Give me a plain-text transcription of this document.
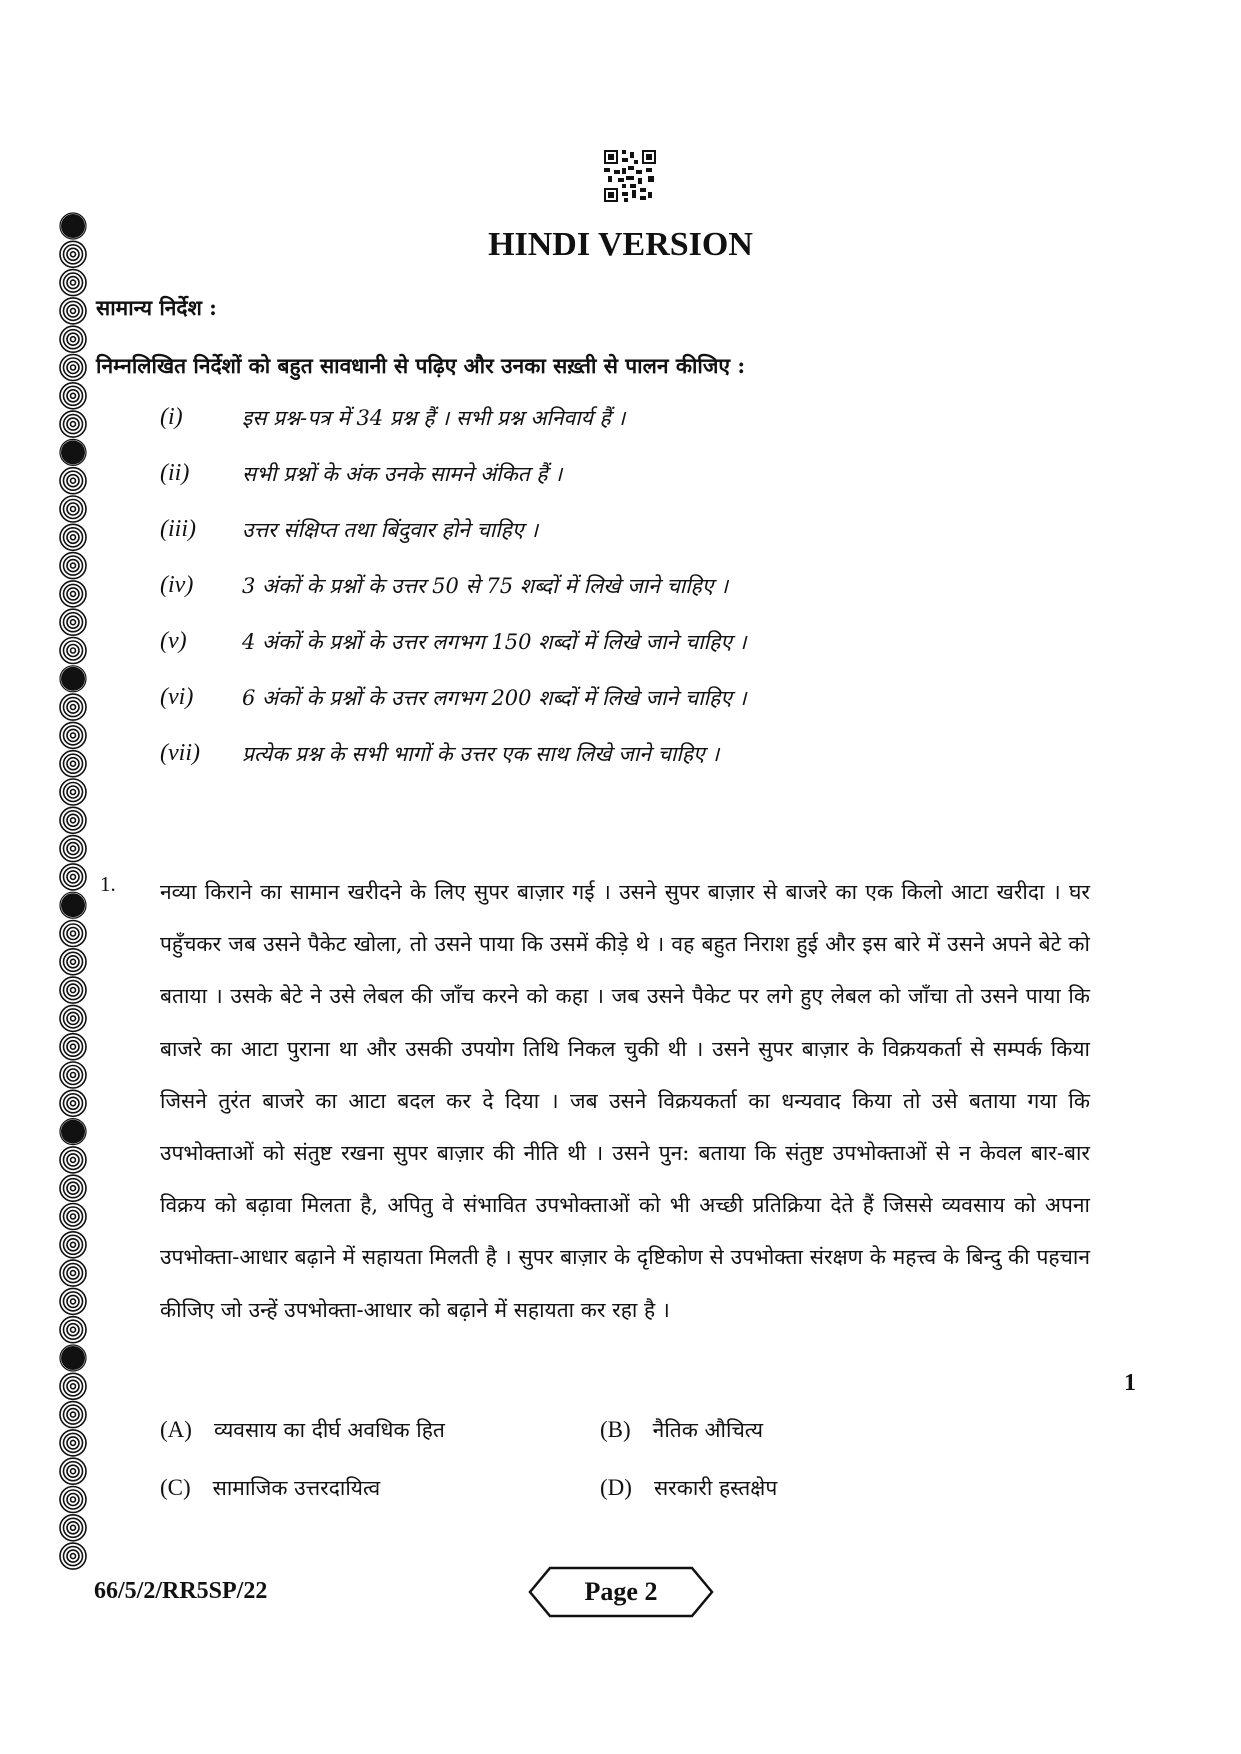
HINDI VERSION
सामान्य निर्देश :
निम्नलिखित निर्देशों को बहुत सावधानी से पढ़िए और उनका सख़्ती से पालन कीजिए :
(i)	इस प्रश्न-पत्र में 34 प्रश्न हैं । सभी प्रश्न अनिवार्य हैं ।
(ii)	सभी प्रश्नों के अंक उनके सामने अंकित हैं ।
(iii) उत्तर संक्षिप्त तथा बिंदुवार होने चाहिए ।
(iv) 3 अंकों के प्रश्नों के उत्तर 50 से 75 शब्दों में लिखे जाने चाहिए ।
(v)	4 अंकों के प्रश्नों के उत्तर लगभग 150 शब्दों में लिखे जाने चाहिए ।
(vi) 6 अंकों के प्रश्नों के उत्तर लगभग 200 शब्दों में लिखे जाने चाहिए ।
(vii) प्रत्येक प्रश्न के सभी भागों के उत्तर एक साथ लिखे जाने चाहिए ।
1. नव्या किराने का सामान खरीदने के लिए सुपर बाज़ार गई । उसने सुपर बाज़ार से बाजरे का एक किलो आटा खरीदा । घर पहुँचकर जब उसने पैकेट खोला, तो उसने पाया कि उसमें कीड़े थे । वह बहुत निराश हुई और इस बारे में उसने अपने बेटे को बताया । उसके बेटे ने उसे लेबल की जाँच करने को कहा । जब उसने पैकेट पर लगे हुए लेबल को जाँचा तो उसने पाया कि बाजरे का आटा पुराना था और उसकी उपयोग तिथि निकल चुकी थी । उसने सुपर बाज़ार के विक्रयकर्ता से सम्पर्क किया जिसने तुरंत बाजरे का आटा बदल कर दे दिया । जब उसने विक्रयकर्ता का धन्यवाद किया तो उसे बताया गया कि उपभोक्ताओं को संतुष्ट रखना सुपर बाज़ार की नीति थी । उसने पुन: बताया कि संतुष्ट उपभोक्ताओं से न केवल बार-बार विक्रय को बढ़ावा मिलता है, अपितु वे संभावित उपभोक्ताओं को भी अच्छी प्रतिक्रिया देते हैं जिससे व्यवसाय को अपना उपभोक्ता-आधार बढ़ाने में सहायता मिलती है । सुपर बाज़ार के दृष्टिकोण से उपभोक्ता संरक्षण के महत्त्व के बिन्दु की पहचान कीजिए जो उन्हें उपभोक्ता-आधार को बढ़ाने में सहायता कर रहा है ।

1
(A) व्यवसाय का दीर्घ अवधिक हित	(B) नैतिक औचित्य
(C) सामाजिक उत्तरदायित्व	(D) सरकारी हस्तक्षेप
66/5/2/RR5SP/22	Page 2
